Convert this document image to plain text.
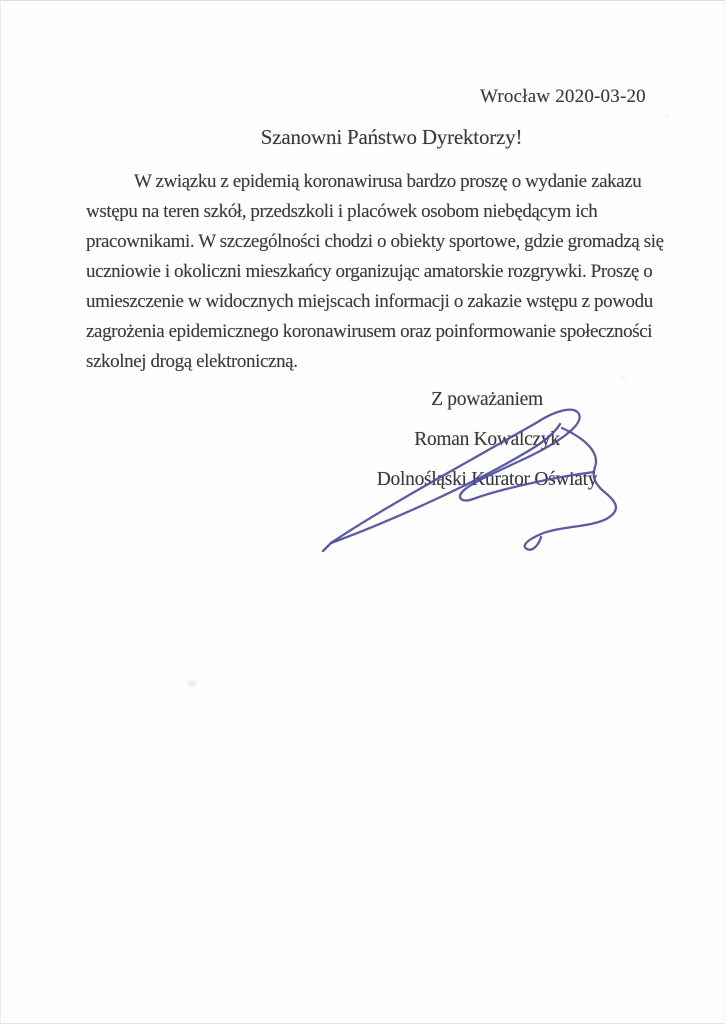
Wrocław 2020-03-20
Szanowni Państwo Dyrektorzy!
W związku z epidemią koronawirusa bardzo proszę o wydanie zakazu
wstępu na teren szkół, przedszkoli i placówek osobom niebędącym ich
pracownikami. W szczególności chodzi o obiekty sportowe, gdzie gromadzą się
uczniowie i okoliczni mieszkańcy organizując amatorskie rozgrywki. Proszę o
umieszczenie w widocznych miejscach informacji o zakazie wstępu z powodu
zagrożenia epidemicznego koronawirusem oraz poinformowanie społeczności
szkolnej drogą elektroniczną.
Z poważaniem
Roman Kowalczyk
Dolnośląski Kurator Oświaty
